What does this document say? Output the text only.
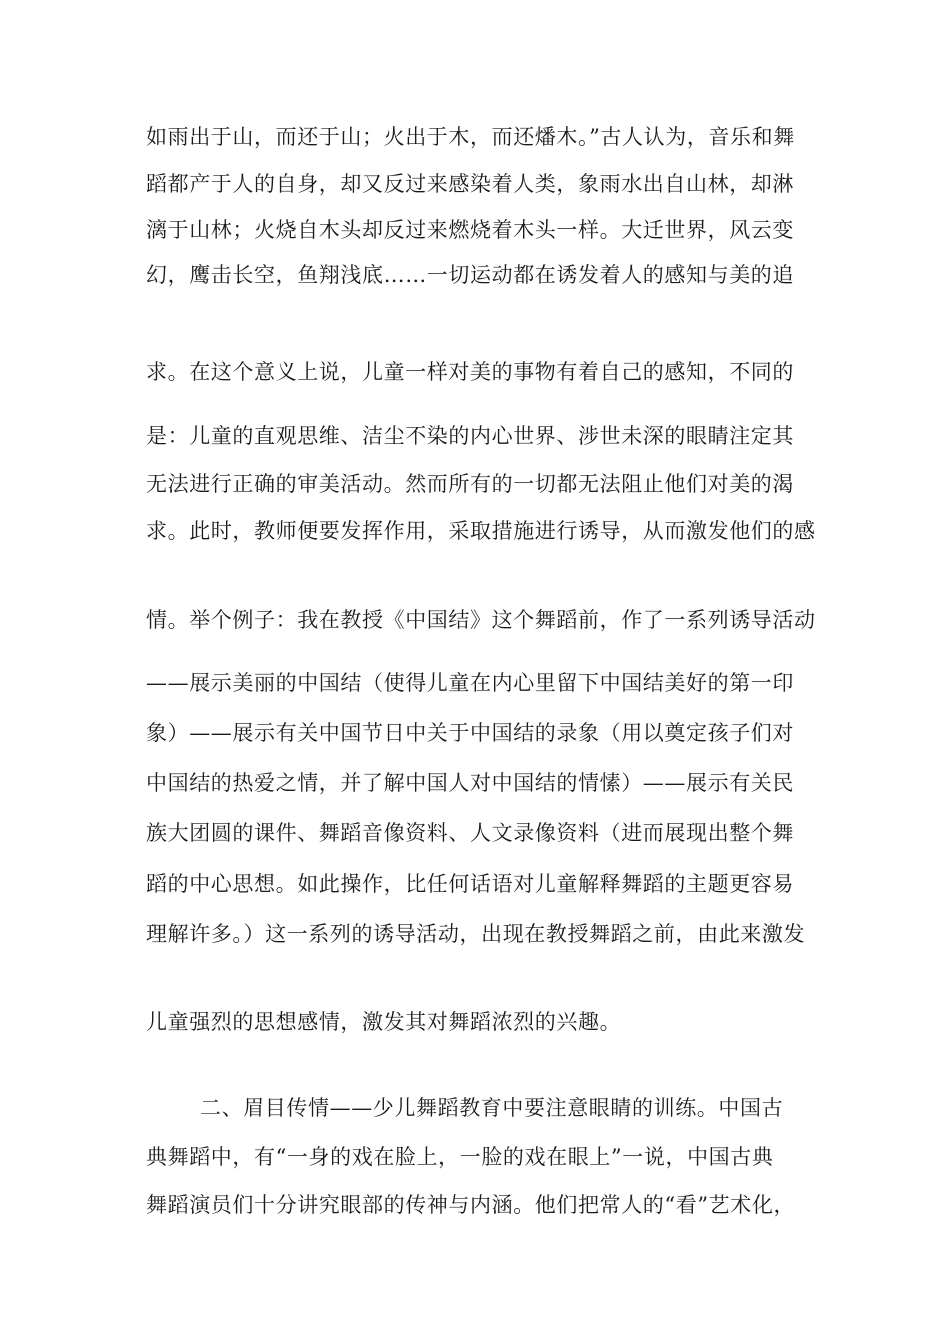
如雨出于山，而还于山；火出于木，而还燔木。”古人认为，音乐和舞

蹈都产于人的自身，却又反过来感染着人类，象雨水出自山林，却淋

漓于山林；火烧自木头却反过来燃烧着木头一样。大迁世界，风云变

幻，鹰击长空，鱼翔浅底……一切运动都在诱发着人的感知与美的追

求。在这个意义上说，儿童一样对美的事物有着自己的感知，不同的

是：儿童的直观思维、洁尘不染的内心世界、涉世未深的眼睛注定其

无法进行正确的审美活动。然而所有的一切都无法阻止他们对美的渴

求。此时，教师便要发挥作用，采取措施进行诱导，从而激发他们的感

情。举个例子：我在教授《中国结》这个舞蹈前，作了一系列诱导活动

——展示美丽的中国结（使得儿童在内心里留下中国结美好的第一印

象）——展示有关中国节日中关于中国结的录象（用以奠定孩子们对

中国结的热爱之情，并了解中国人对中国结的情愫）——展示有关民

族大团圆的课件、舞蹈音像资料、人文录像资料（进而展现出整个舞

蹈的中心思想。如此操作，比任何话语对儿童解释舞蹈的主题更容易

理解许多。）这一系列的诱导活动，出现在教授舞蹈之前，由此来激发

儿童强烈的思想感情，激发其对舞蹈浓烈的兴趣。

二、眉目传情——少儿舞蹈教育中要注意眼睛的训练。中国古

典舞蹈中，有“一身的戏在脸上，一脸的戏在眼上”一说，中国古典

舞蹈演员们十分讲究眼部的传神与内涵。他们把常人的“看”艺术化，
